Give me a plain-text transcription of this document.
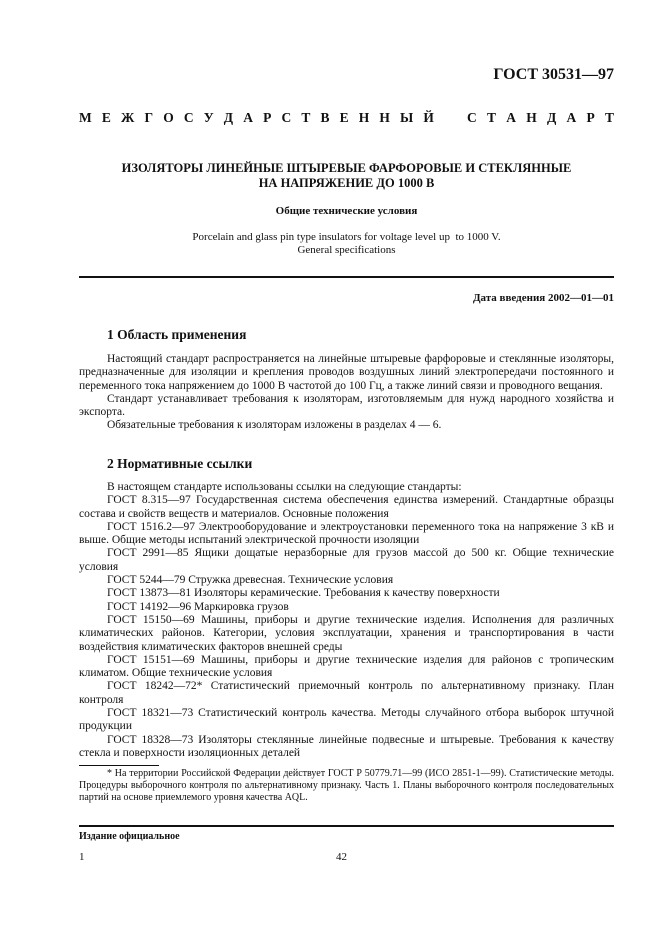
ГОСТ 30531—97
М Е Ж Г О С У Д А Р С Т В Е Н Н Ы Й С Т А Н Д А Р Т
ИЗОЛЯТОРЫ ЛИНЕЙНЫЕ ШТЫРЕВЫЕ ФАРФОРОВЫЕ И СТЕКЛЯННЫЕ
НА НАПРЯЖЕНИЕ ДО 1000 В
Общие технические условия
Porcelain and glass pin type insulators for voltage level up  to 1000 V.
General specifications
Дата введения 2002—01—01
1 Область применения

Настоящий стандарт распространяется на линейные штыревые фарфоровые и стеклянные изоляторы, предназначенные для изоляции и крепления проводов воздушных линий электропередачи постоянного и переменного тока напряжением до 1000 В частотой до 100 Гц, а также линий связи и проводного вещания.

Стандарт устанавливает требования к изоляторам, изготовляемым для нужд народного хозяйства и экспорта.

Обязательные требования к изоляторам изложены в разделах 4 — 6.

2 Нормативные ссылки

В настоящем стандарте использованы ссылки на следующие стандарты:

ГОСТ 8.315—97 Государственная система обеспечения единства измерений. Стандартные образцы состава и свойств веществ и материалов. Основные положения

ГОСТ 1516.2—97 Электрооборудование и электроустановки переменного тока на напряжение 3 кВ и выше. Общие методы испытаний электрической прочности изоляции

ГОСТ 2991—85 Ящики дощатые неразборные для грузов массой до 500 кг. Общие технические условия

ГОСТ 5244—79 Стружка древесная. Технические условия

ГОСТ 13873—81 Изоляторы керамические. Требования к качеству поверхности

ГОСТ 14192—96 Маркировка грузов

ГОСТ 15150—69 Машины, приборы и другие технические изделия. Исполнения для различных климатических районов. Категории, условия эксплуатации, хранения и транспортирования в части воздействия климатических факторов внешней среды

ГОСТ 15151—69 Машины, приборы и другие технические изделия для районов с тропическим климатом. Общие технические условия

ГОСТ 18242—72* Статистический приемочный контроль по альтернативному признаку. План контроля

ГОСТ 18321—73 Статистический контроль качества. Методы случайного отбора выборок штучной продукции

ГОСТ 18328—73 Изоляторы стеклянные линейные подвесные и штыревые. Требования к качеству стекла и поверхности изоляционных деталей

* На территории Российской Федерации действует ГОСТ Р 50779.71—99 (ИСО 2851-1—99). Статистические методы. Процедуры выборочного контроля по альтернативному признаку. Часть 1. Планы выборочного контроля последовательных партий на основе приемлемого уровня качества AQL.

Издание официальное
1	42
